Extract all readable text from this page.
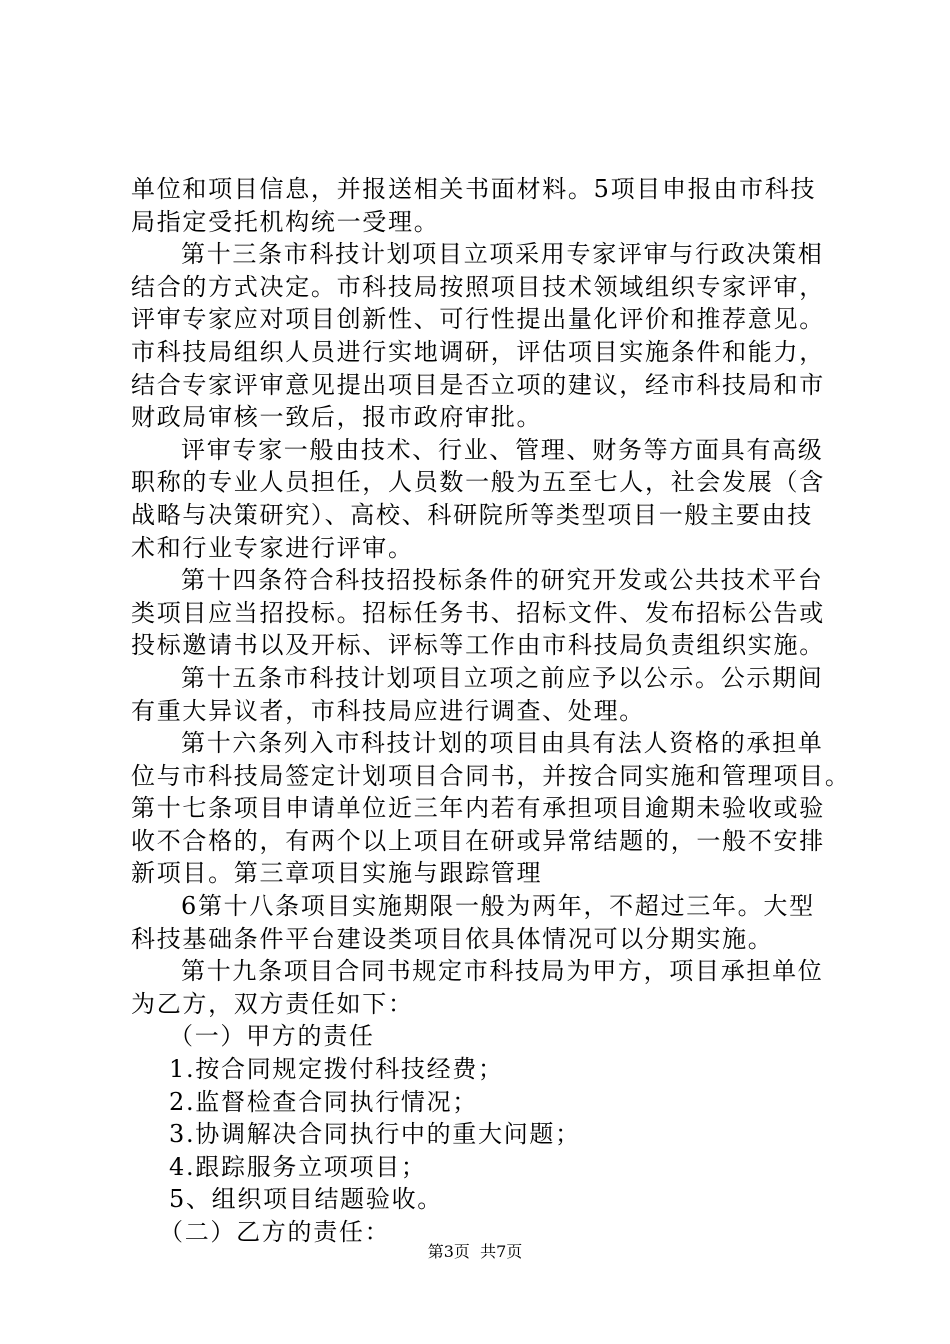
单位和项目信息，并报送相关书面材料。5项目申报由市科技
局指定受托机构统一受理。
第十三条市科技计划项目立项采用专家评审与行政决策相
结合的方式决定。市科技局按照项目技术领域组织专家评审，
评审专家应对项目创新性、可行性提出量化评价和推荐意见。
市科技局组织人员进行实地调研，评估项目实施条件和能力，
结合专家评审意见提出项目是否立项的建议，经市科技局和市
财政局审核一致后，报市政府审批。
评审专家一般由技术、行业、管理、财务等方面具有高级
职称的专业人员担任，人员数一般为五至七人，社会发展（含
战略与决策研究）、高校、科研院所等类型项目一般主要由技
术和行业专家进行评审。
第十四条符合科技招投标条件的研究开发或公共技术平台
类项目应当招投标。招标任务书、招标文件、发布招标公告或
投标邀请书以及开标、评标等工作由市科技局负责组织实施。
第十五条市科技计划项目立项之前应予以公示。公示期间
有重大异议者，市科技局应进行调查、处理。
第十六条列入市科技计划的项目由具有法人资格的承担单
位与市科技局签定计划项目合同书，并按合同实施和管理项目。
第十七条项目申请单位近三年内若有承担项目逾期未验收或验
收不合格的，有两个以上项目在研或异常结题的，一般不安排
新项目。第三章项目实施与跟踪管理
6第十八条项目实施期限一般为两年，不超过三年。大型
科技基础条件平台建设类项目依具体情况可以分期实施。
第十九条项目合同书规定市科技局为甲方，项目承担单位
为乙方，双方责任如下：
（一）甲方的责任
1.按合同规定拨付科技经费；
2.监督检查合同执行情况；
3.协调解决合同执行中的重大问题；
4.跟踪服务立项项目；
5、组织项目结题验收。
（二）乙方的责任：
第3页  共7页
